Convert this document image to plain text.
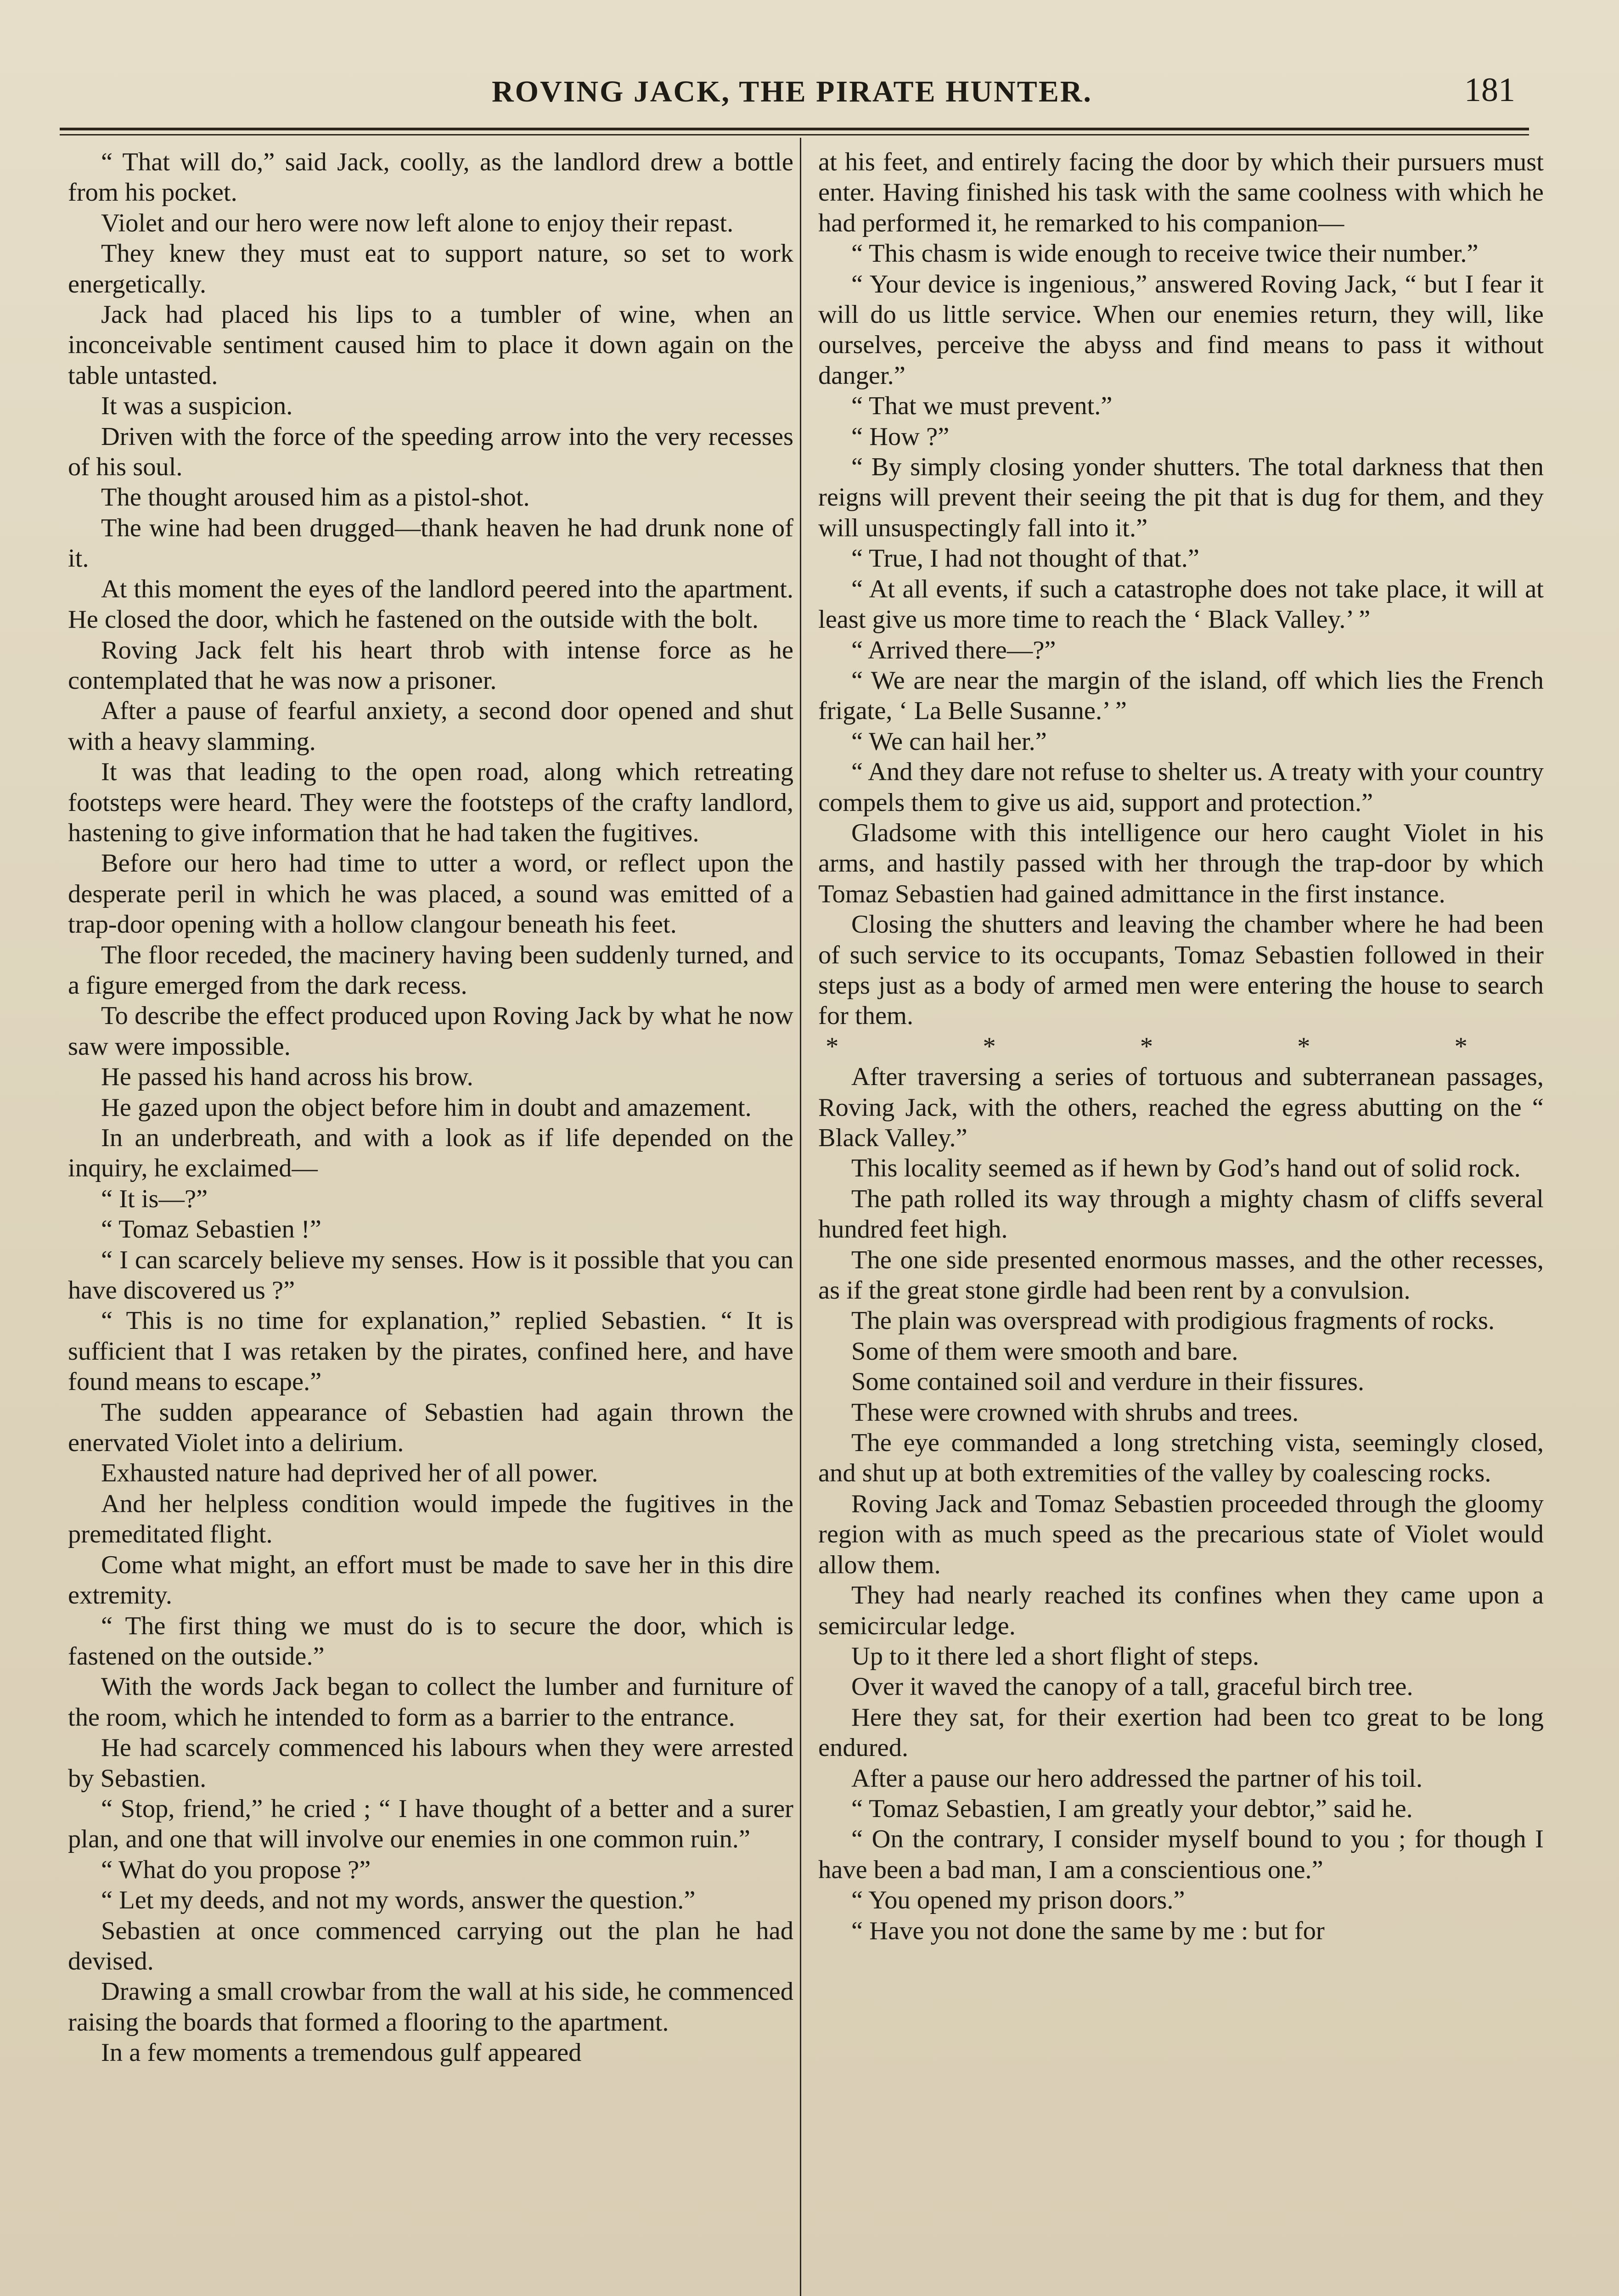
ROVING JACK, THE PIRATE HUNTER.	181

“ That will do,” said Jack, coolly, as the landlord drew a bottle from his pocket.

Violet and our hero were now left alone to enjoy their repast.

They knew they must eat to support nature, so set to work energetically.

Jack had placed his lips to a tumbler of wine, when an inconceivable sentiment caused him to place it down again on the table untasted.

It was a suspicion.

Driven with the force of the speeding arrow into the very recesses of his soul.

The thought aroused him as a pistol-shot.

The wine had been drugged—thank heaven he had drunk none of it.

At this moment the eyes of the landlord peered into the apartment. He closed the door, which he fastened on the outside with the bolt.

Roving Jack felt his heart throb with intense force as he contemplated that he was now a prisoner.

After a pause of fearful anxiety, a second door opened and shut with a heavy slamming.

It was that leading to the open road, along which retreating footsteps were heard. They were the footsteps of the crafty landlord, hastening to give information that he had taken the fugitives.

Before our hero had time to utter a word, or reflect upon the desperate peril in which he was placed, a sound was emitted of a trap-door opening with a hollow clangour beneath his feet.

The floor receded, the macinery having been suddenly turned, and a figure emerged from the dark recess.

To describe the effect produced upon Roving Jack by what he now saw were impossible.

He passed his hand across his brow.

He gazed upon the object before him in doubt and amazement.

In an underbreath, and with a look as if life depended on the inquiry, he exclaimed—

“ It is—?”

“ Tomaz Sebastien !”

“ I can scarcely believe my senses. How is it possible that you can have discovered us ?”

“ This is no time for explanation,” replied Sebastien. “ It is sufficient that I was retaken by the pirates, confined here, and have found means to escape.”

The sudden appearance of Sebastien had again thrown the enervated Violet into a delirium.

Exhausted nature had deprived her of all power.

And her helpless condition would impede the fugitives in the premeditated flight.

Come what might, an effort must be made to save her in this dire extremity.

“ The first thing we must do is to secure the door, which is fastened on the outside.”

With the words Jack began to collect the lumber and furniture of the room, which he intended to form as a barrier to the entrance.

He had scarcely commenced his labours when they were arrested by Sebastien.

“ Stop, friend,” he cried ; “ I have thought of a better and a surer plan, and one that will involve our enemies in one common ruin.”

“ What do you propose ?”

“ Let my deeds, and not my words, answer the question.”

Sebastien at once commenced carrying out the plan he had devised.

Drawing a small crowbar from the wall at his side, he commenced raising the boards that formed a flooring to the apartment.

In a few moments a tremendous gulf appeared

at his feet, and entirely facing the door by which their pursuers must enter. Having finished his task with the same coolness with which he had performed it, he remarked to his companion—

“ This chasm is wide enough to receive twice their number.”

“ Your device is ingenious,” answered Roving Jack, “ but I fear it will do us little service. When our enemies return, they will, like ourselves, perceive the abyss and find means to pass it without danger.”

“ That we must prevent.”

“ How ?”

“ By simply closing yonder shutters. The total darkness that then reigns will prevent their seeing the pit that is dug for them, and they will unsuspectingly fall into it.”

“ True, I had not thought of that.”

“ At all events, if such a catastrophe does not take place, it will at least give us more time to reach the ‘ Black Valley.’ ”

“ Arrived there—?”

“ We are near the margin of the island, off which lies the French frigate, ‘ La Belle Susanne.’ ”

“ We can hail her.”

“ And they dare not refuse to shelter us. A treaty with your country compels them to give us aid, support and protection.”

Gladsome with this intelligence our hero caught Violet in his arms, and hastily passed with her through the trap-door by which Tomaz Sebastien had gained admittance in the first instance.

Closing the shutters and leaving the chamber where he had been of such service to its occupants, Tomaz Sebastien followed in their steps just as a body of armed men were entering the house to search for them.

* * * * *

After traversing a series of tortuous and subterranean passages, Roving Jack, with the others, reached the egress abutting on the “ Black Valley.”

This locality seemed as if hewn by God’s hand out of solid rock.

The path rolled its way through a mighty chasm of cliffs several hundred feet high.

The one side presented enormous masses, and the other recesses, as if the great stone girdle had been rent by a convulsion.

The plain was overspread with prodigious fragments of rocks.

Some of them were smooth and bare.

Some contained soil and verdure in their fissures.

These were crowned with shrubs and trees.

The eye commanded a long stretching vista, seemingly closed, and shut up at both extremities of the valley by coalescing rocks.

Roving Jack and Tomaz Sebastien proceeded through the gloomy region with as much speed as the precarious state of Violet would allow them.

They had nearly reached its confines when they came upon a semicircular ledge.

Up to it there led a short flight of steps.

Over it waved the canopy of a tall, graceful birch tree.

Here they sat, for their exertion had been tco great to be long endured.

After a pause our hero addressed the partner of his toil.

“ Tomaz Sebastien, I am greatly your debtor,” said he.

“ On the contrary, I consider myself bound to you ; for though I have been a bad man, I am a conscientious one.”

“ You opened my prison doors.”

“ Have you not done the same by me : but for
